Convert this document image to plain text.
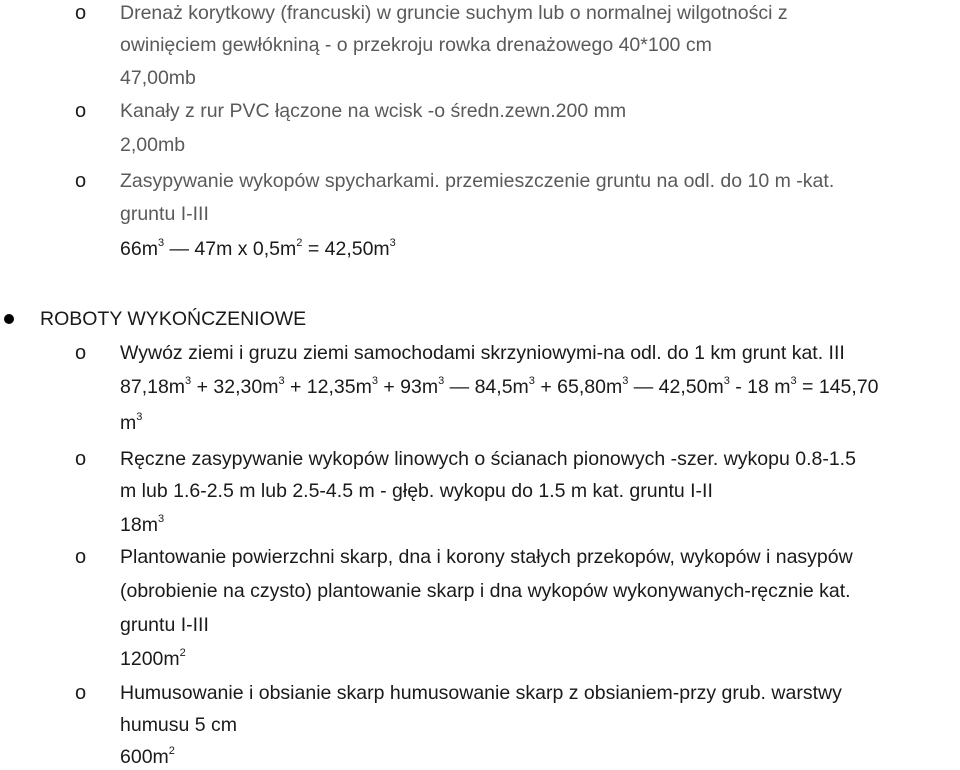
o	Drenaż korytkowy (francuski) w gruncie suchym lub o normalnej wilgotności z
owinięciem gewłókniną - o przekroju rowka drenażowego 40*100 cm
47,00mb
o	Kanały z rur PVC łączone na wcisk -o średn.zewn.200 mm
2,00mb
o	Zasypywanie wykopów spycharkami. przemieszczenie gruntu na odl. do 10 m -kat.
gruntu I-III
$66m^3$ — 47m x $0,5m^2 = 42,50m^3$
ROBOTY WYKOŃCZENIOWE
o	Wywóz ziemi i gruzu ziemi samochodami skrzyniowymi-na odl. do 1 km grunt kat. III
$87,18m^3 + 32,30m^3 + 12,35m^3 + 93m^3$ — $84,5m^3 + 65,80m^3$ — $42,50m^3 - 18$ $m^3 = 145,70$
$m^3$
o	Ręczne zasypywanie wykopów linowych o ścianach pionowych -szer. wykopu 0.8-1.5
m lub 1.6-2.5 m lub 2.5-4.5 m - głęb. wykopu do 1.5 m kat. gruntu I-II
$18m^3$
o	Plantowanie powierzchni skarp, dna i korony stałych przekopów, wykopów i nasypów
(obrobienie na czysto) plantowanie skarp i dna wykopów wykonywanych-ręcznie kat.
gruntu I-III
$1200m^2$
o	Humusowanie i obsianie skarp humusowanie skarp z obsianiem-przy grub. warstwy
humusu 5 cm
$600m^2$
